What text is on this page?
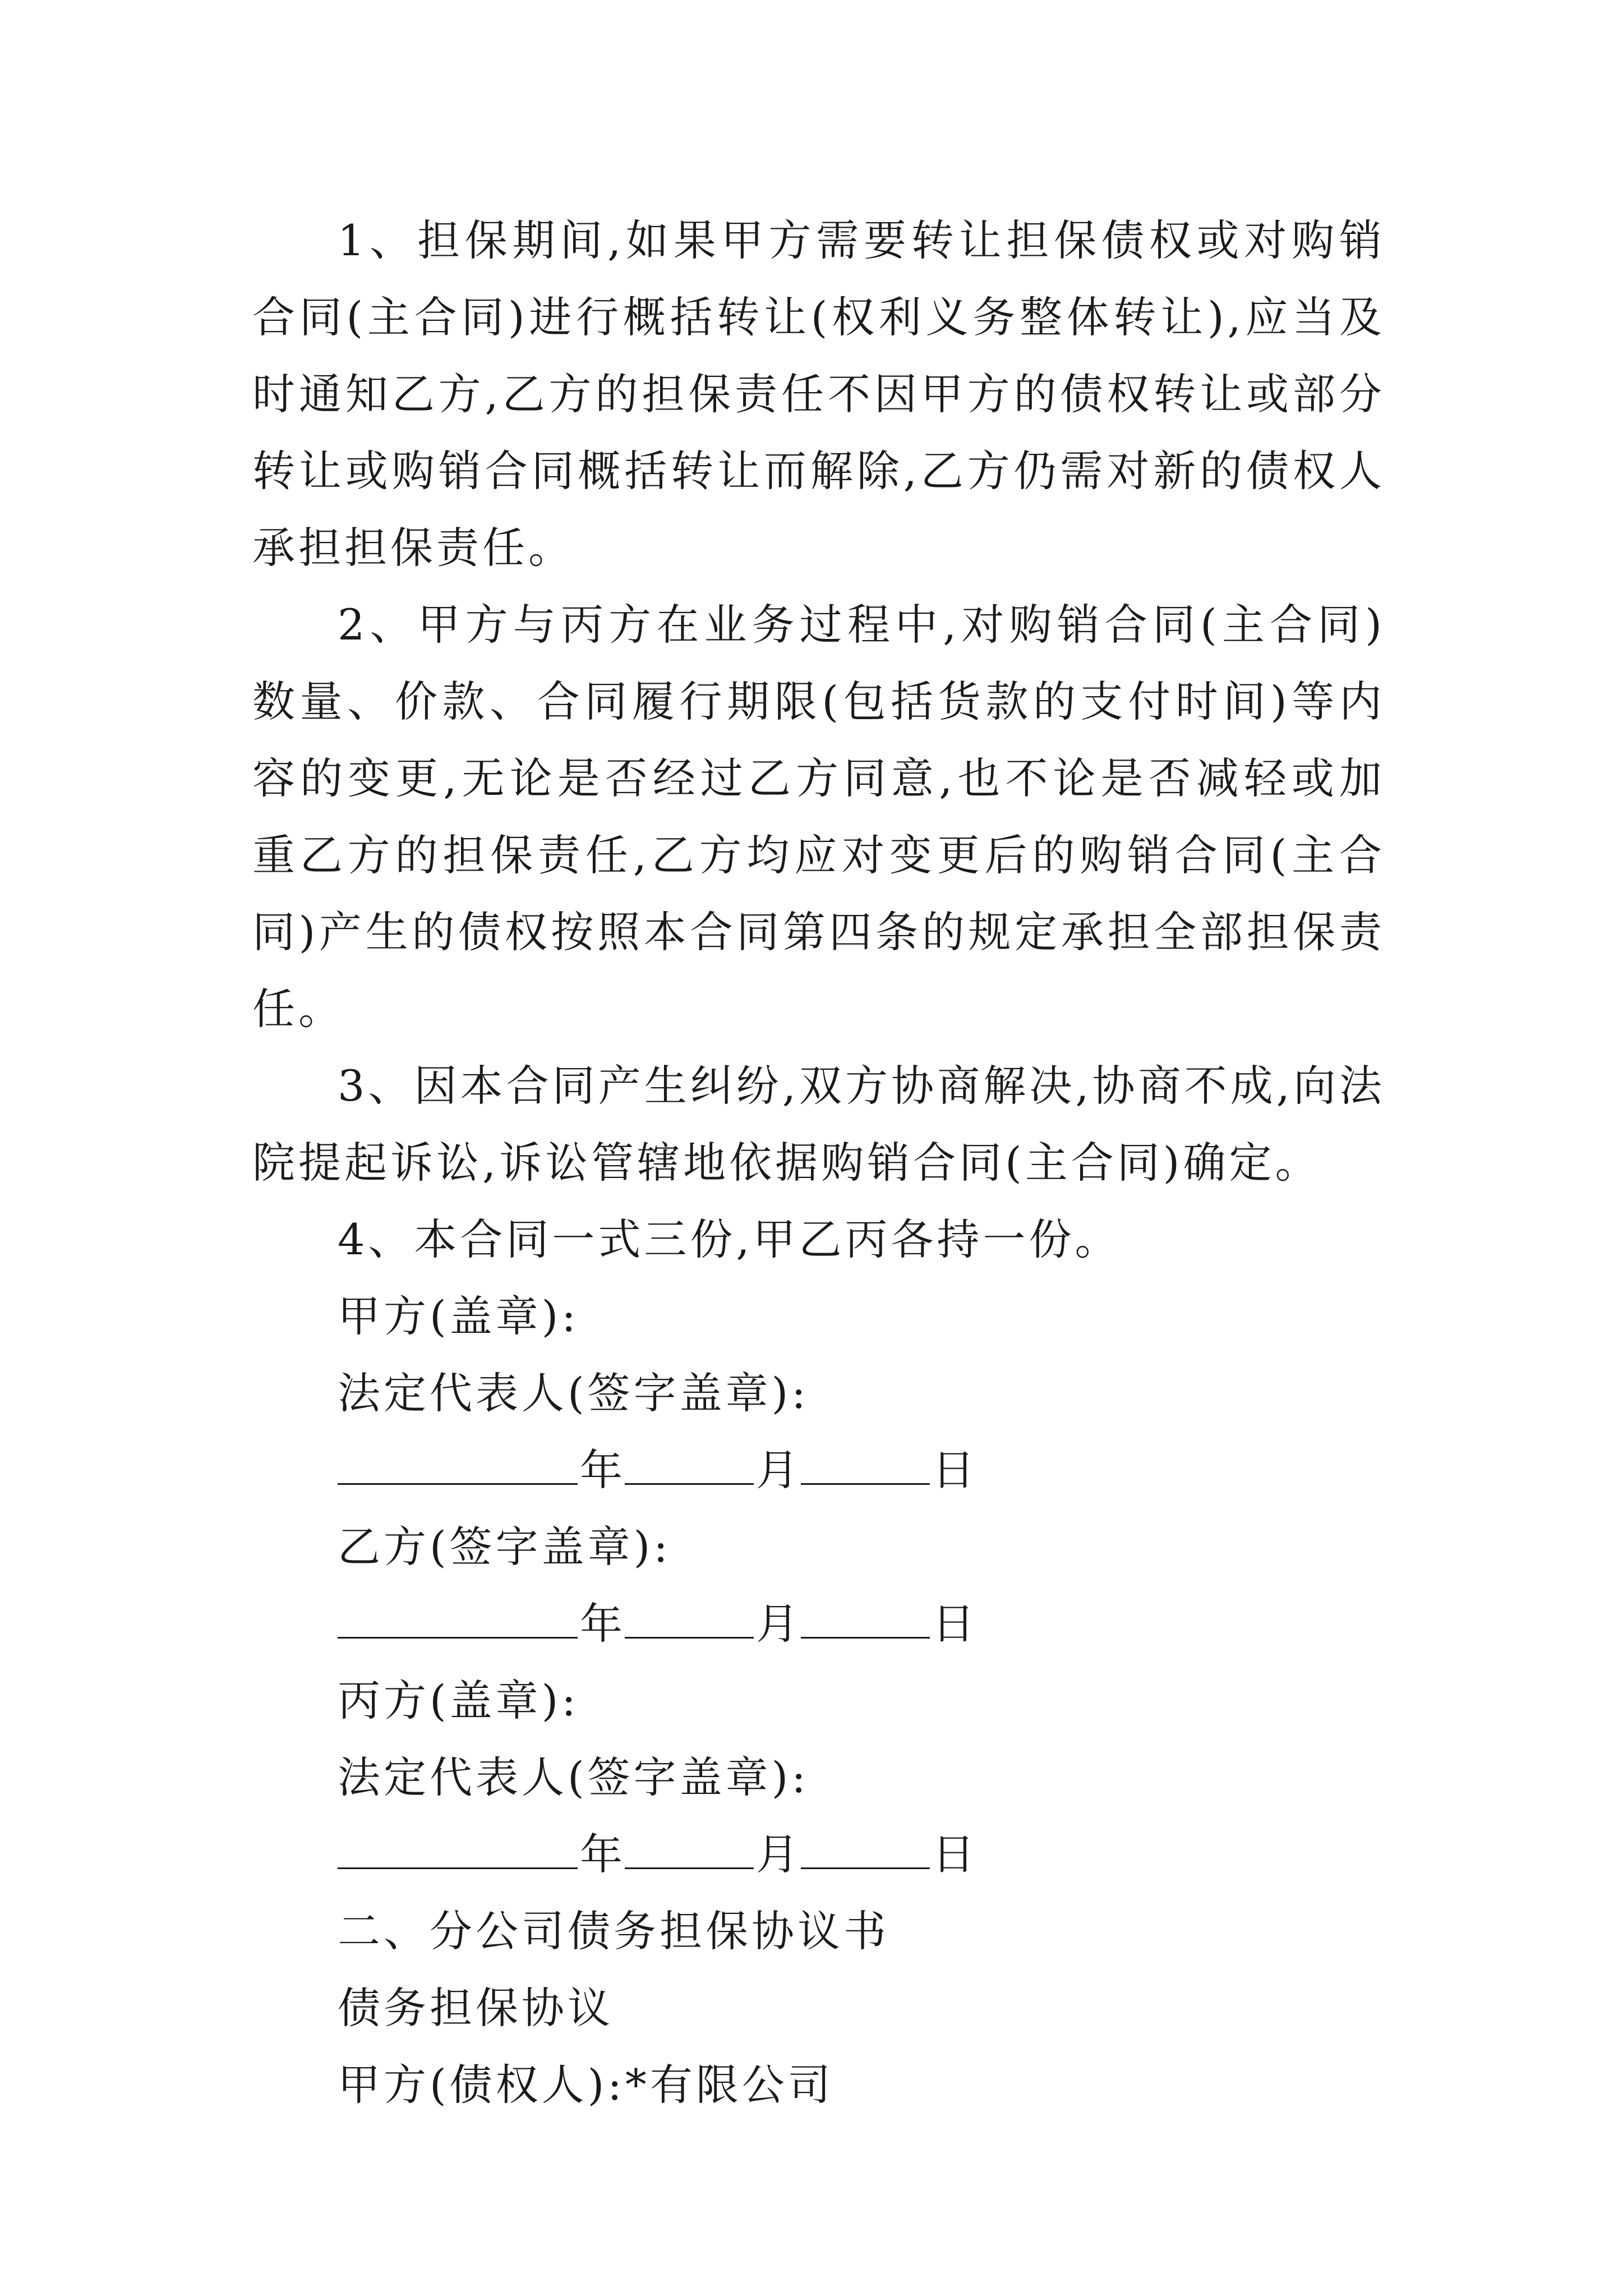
1、担保期间,如果甲方需要转让担保债权或对购销合同(主合同)进行概括转让(权利义务整体转让),应当及时通知乙方,乙方的担保责任不因甲方的债权转让或部分转让或购销合同概括转让而解除,乙方仍需对新的债权人承担担保责任。

2、甲方与丙方在业务过程中,对购销合同(主合同)数量、价款、合同履行期限(包括货款的支付时间)等内容的变更,无论是否经过乙方同意,也不论是否减轻或加重乙方的担保责任,乙方均应对变更后的购销合同(主合同)产生的债权按照本合同第四条的规定承担全部担保责任。

3、因本合同产生纠纷,双方协商解决,协商不成,向法院提起诉讼,诉讼管辖地依据购销合同(主合同)确定。

4、本合同一式三份,甲乙丙各持一份。

甲方(盖章):

法定代表人(签字盖章):

年	月	日

乙方(签字盖章):

年	月	日

丙方(盖章):

法定代表人(签字盖章):

年	月	日

二、分公司债务担保协议书

债务担保协议

甲方(债权人):*有限公司
